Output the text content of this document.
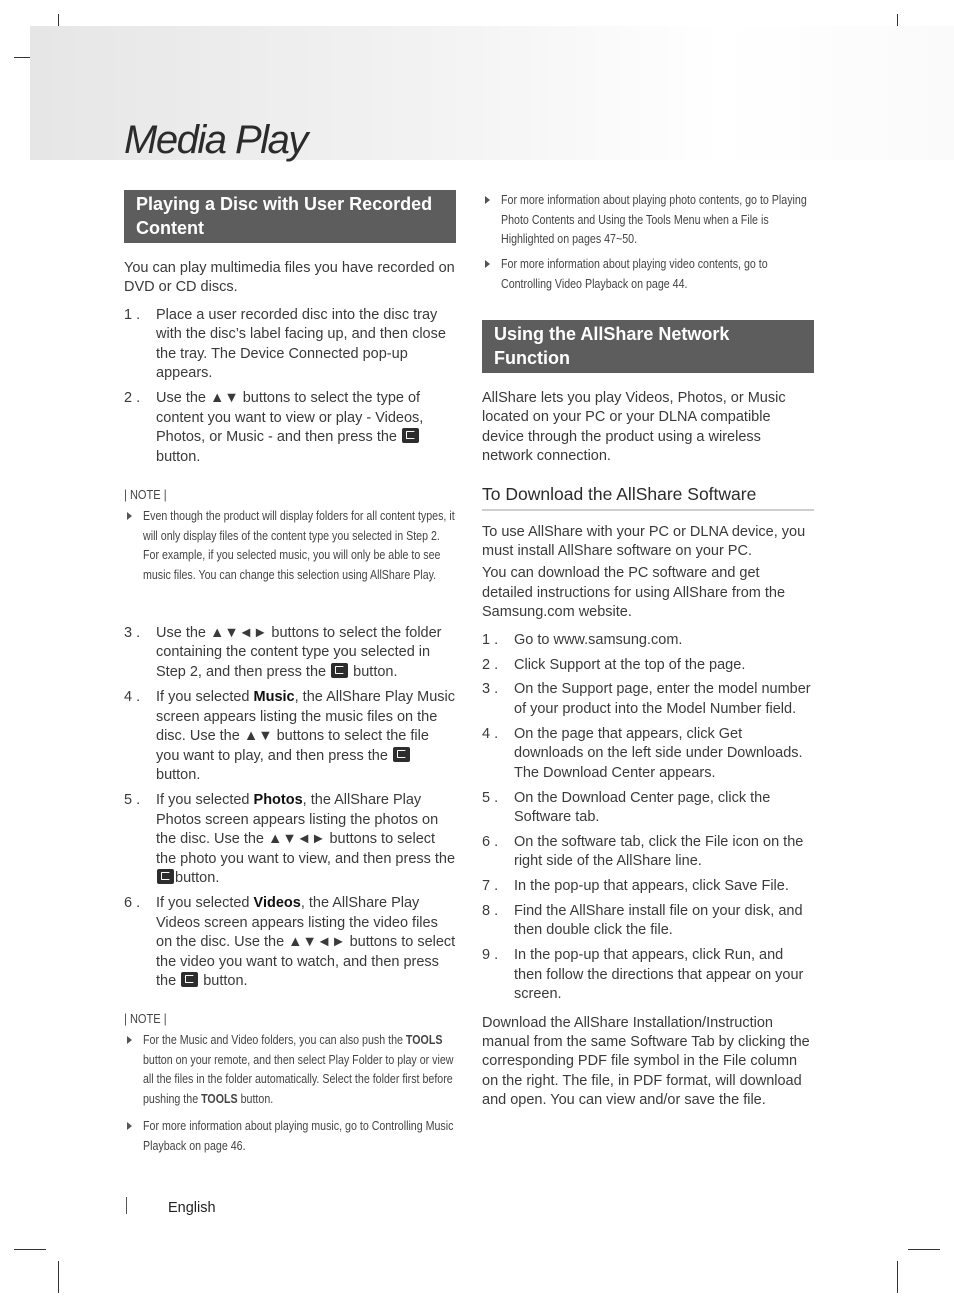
Media Play
Playing a Disc with User Recorded Content

You can play multimedia files you have recorded on DVD or CD discs.

1 . Place a user recorded disc into the disc tray with the disc’s label facing up, and then close the tray. The Device Connected pop-up appears.
2 . Use the ▲▼ buttons to select the type of content you want to view or play - Videos, Photos, or Music - and then press the  button.

| NOTE |

Even though the product will display folders for all content types, it will only display files of the content type you selected in Step 2. For example, if you selected music, you will only be able to see music files. You can change this selection using AllShare Play.
3 . Use the ▲▼◄► buttons to select the folder containing the content type you selected in Step 2, and then press the button.
4 . If you selected Music, the AllShare Play Music screen appears listing the music files on the disc. Use the ▲▼ buttons to select the file you want to play, and then press the  button.
5 . If you selected Photos, the AllShare Play Photos screen appears listing the photos on the disc. Use the ▲▼◄► buttons to select the photo you want to view, and then press the button.
6 . If you selected Videos, the AllShare Play Videos screen appears listing the video files on the disc. Use the ▲▼◄► buttons to select the video you want to watch, and then press the button.

| NOTE |

For the Music and Video folders, you can also push the TOOLS button on your remote, and then select Play Folder to play or view all the files in the folder automatically. Select the folder first before pushing the TOOLS button.
For more information about playing music, go to Controlling Music Playback on page 46.
For more information about playing photo contents, go to Playing Photo Contents and Using the Tools Menu when a File is Highlighted on pages 47~50.
For more information about playing video contents, go to Controlling Video Playback on page 44.
Using the AllShare Network Function

AllShare lets you play Videos, Photos, or Music located on your PC or your DLNA compatible device through the product using a wireless network connection.

To Download the AllShare Software

To use AllShare with your PC or DLNA device, you must install AllShare software on your PC.

You can download the PC software and get detailed instructions for using AllShare from the Samsung.com website.

1 . Go to www.samsung.com.
2 . Click Support at the top of the page.
3 . On the Support page, enter the model number of your product into the Model Number field.
4 . On the page that appears, click Get downloads on the left side under Downloads. The Download Center appears.
5 . On the Download Center page, click the Software tab.
6 . On the software tab, click the File icon on the right side of the AllShare line.
7 . In the pop-up that appears, click Save File.
8 . Find the AllShare install file on your disk, and then double click the file.
9 . In the pop-up that appears, click Run, and then follow the directions that appear on your screen.

Download the AllShare Installation/Instruction manual from the same Software Tab by clicking the corresponding PDF file symbol in the File column on the right. The file, in PDF format, will download and open. You can view and/or save the file.

English
